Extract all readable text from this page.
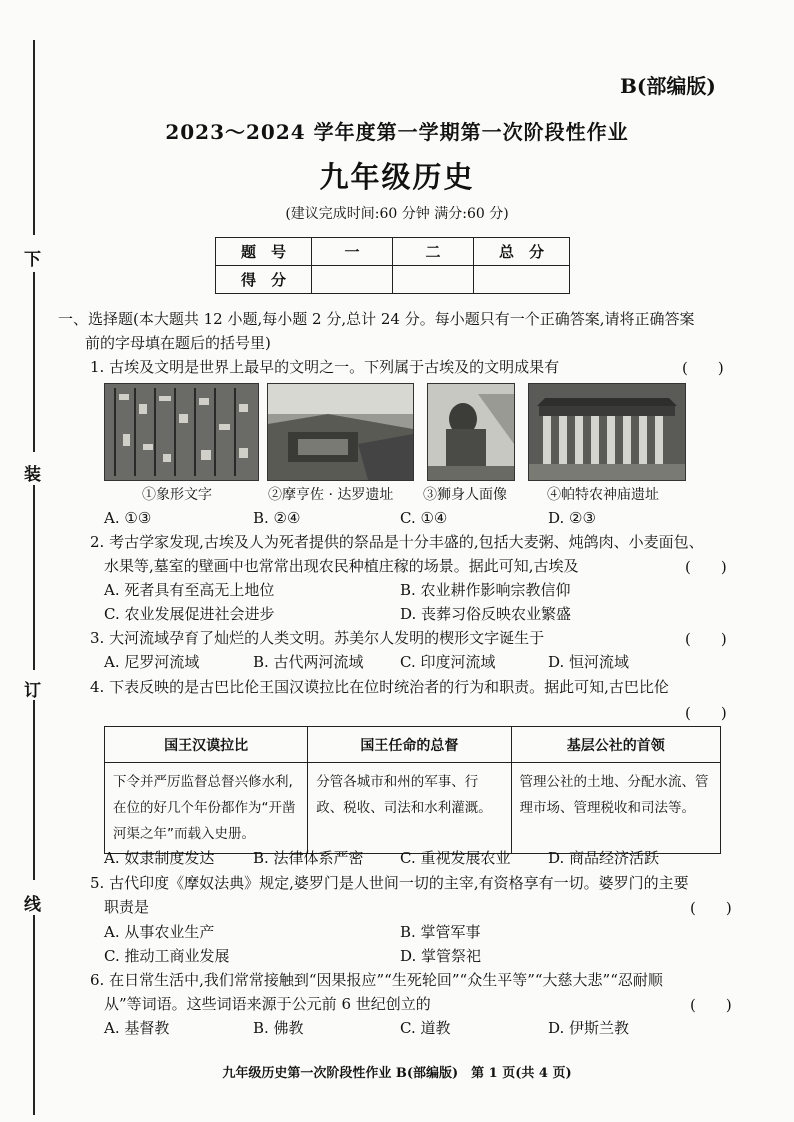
下
装
订
线
B(部编版)
2023～2024 学年度第一学期第一次阶段性作业
九年级历史
(建议完成时间:60 分钟 满分:60 分)
题　号	一	二	总　分
得　分			
一、选择题(本大题共 12 小题,每小题 2 分,总计 24 分。每小题只有一个正确答案,请将正确答案
前的字母填在题后的括号里)
1. 古埃及文明是世界上最早的文明之一。下列属于古埃及的文明成果有	(　　)
①象形文字	②摩亨佐 · 达罗遗址 ③狮身人面像	④帕特农神庙遗址
A. ①③	B. ②④	C. ①④	D. ②③
2. 考古学家发现,古埃及人为死者提供的祭品是十分丰盛的,包括大麦粥、炖鸽肉、小麦面包、
水果等,墓室的壁画中也常常出现农民种植庄稼的场景。据此可知,古埃及	(　　)
A. 死者具有至高无上地位	B. 农业耕作影响宗教信仰
C. 农业发展促进社会进步	D. 丧葬习俗反映农业繁盛
3. 大河流域孕育了灿烂的人类文明。苏美尔人发明的楔形文字诞生于	(　　)
A. 尼罗河流域	B. 古代两河流域 C. 印度河流域	D. 恒河流域
4. 下表反映的是古巴比伦王国汉谟拉比在位时统治者的行为和职责。据此可知,古巴比伦
(　　)
国王汉谟拉比	国王任命的总督	基层公社的首领
下令并严厉监督总督兴修水利,在位的好几个年份都作为“开凿河渠之年”而载入史册。	分管各城市和州的军事、行政、税收、司法和水利灌溉。	管理公社的土地、分配水流、管理市场、管理税收和司法等。
A. 奴隶制度发达	B. 法律体系严密 C. 重视发展农业	D. 商品经济活跃
5. 古代印度《摩奴法典》规定,婆罗门是人世间一切的主宰,有资格享有一切。婆罗门的主要
职责是	(　　)
A. 从事农业生产	B. 掌管军事
C. 推动工商业发展	D. 掌管祭祀
6. 在日常生活中,我们常常接触到“因果报应”“生死轮回”“众生平等”“大慈大悲”“忍耐顺
从”等词语。这些词语来源于公元前 6 世纪创立的	(　　)
A. 基督教	B. 佛教	C. 道教	D. 伊斯兰教
九年级历史第一次阶段性作业 B(部编版)　第 1 页(共 4 页)
